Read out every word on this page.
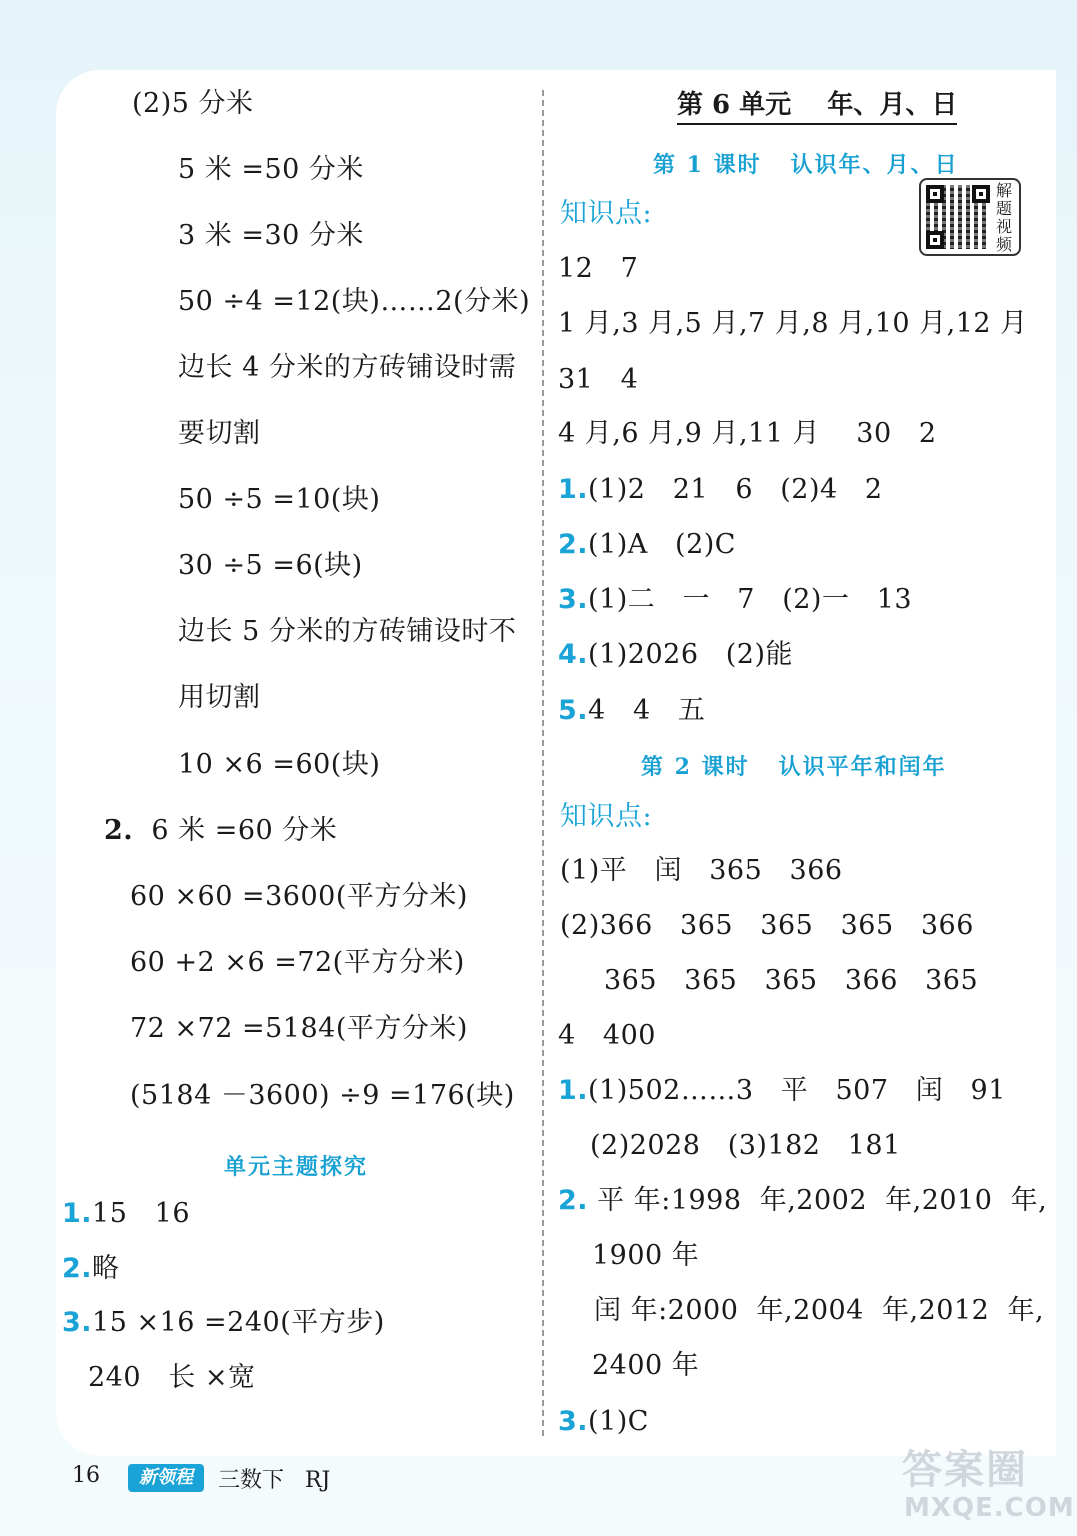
(2)5 分米
5 米 =50 分米
3 米 =30 分米
50 ÷4 =12(块)……2(分米)
边长 4 分米的方砖铺设时需
要切割
50 ÷5 =10(块)
30 ÷5 =6(块)
边长 5 分米的方砖铺设时不
用切割
10 ×6 =60(块)
2. 6 米 =60 分米
60 ×60 =3600(平方分米)
60 +2 ×6 =72(平方分米)
72 ×72 =5184(平方分米)
(5184 －3600) ÷9 =176(块)
单元主题探究
1.15   16
2.略
3.15 ×16 =240(平方步)
240   长 ×宽
第 6 单元    年、月、日
第 1 课时   认识年、月、日
解题视频
知识点:
12   7
1 月,3 月,5 月,7 月,8 月,10 月,12 月
31   4
4 月,6 月,9 月,11 月    30   2
1.(1)2   21   6   (2)4   2
2.(1)A   (2)C
3.(1)二   一   7   (2)一   13
4.(1)2026   (2)能
5.4   4   五
第 2 课时   认识平年和闰年
知识点:
(1)平   闰   365   366
(2)366   365   365   365   366
365   365   365   366   365
4   400
1.(1)502……3   平   507   闰   91
(2)2028   (3)182   181
2. 平 年:1998  年,2002  年,2010  年,
1900 年
闰 年:2000  年,2004  年,2012  年,
2400 年
3.(1)C
16	新领程	三数下   RJ	答案圈
MXQE.COM
